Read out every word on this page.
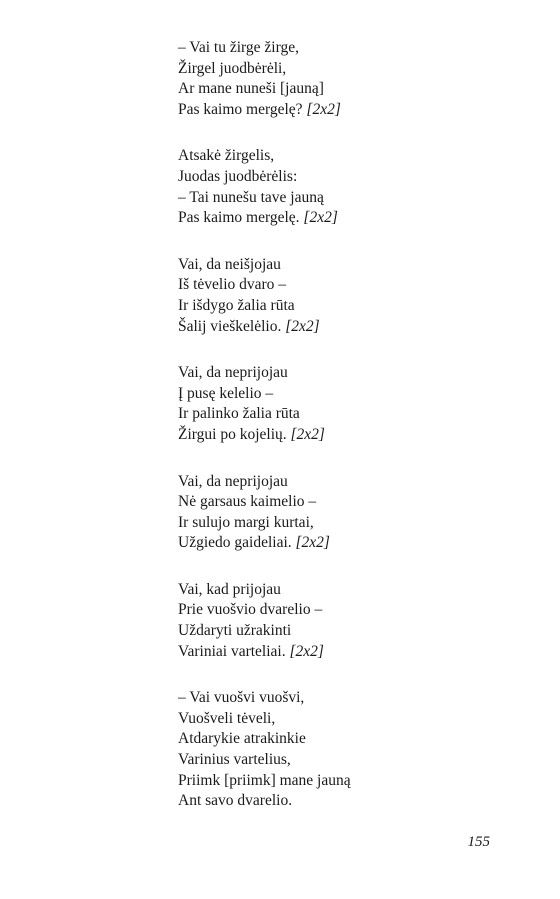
– Vai tu žirge žirge,
Žirgel juodbėrėli,
Ar mane nuneši [jauną]
Pas kaimo mergelę? [2x2]
Atsakė žirgelis,
Juodas juodbėrėlis:
– Tai nunešu tave jauną
Pas kaimo mergelę. [2x2]
Vai, da neišjojau
Iš tėvelio dvaro –
Ir išdygo žalia rūta
Šalij vieškelėlio. [2x2]
Vai, da neprijojau
Į pusę kelelio –
Ir palinko žalia rūta
Žirgui po kojelių. [2x2]
Vai, da neprijojau
Nė garsaus kaimelio –
Ir sulujo margi kurtai,
Užgiedo gaideliai. [2x2]
Vai, kad prijojau
Prie vuošvio dvarelio –
Uždaryti užrakinti
Variniai varteliai. [2x2]
– Vai vuošvi vuošvi,
Vuošveli tėveli,
Atdarykie atrakinkie
Varinius vartelius,
Priimk [priimk] mane jauną
Ant savo dvarelio.
155
